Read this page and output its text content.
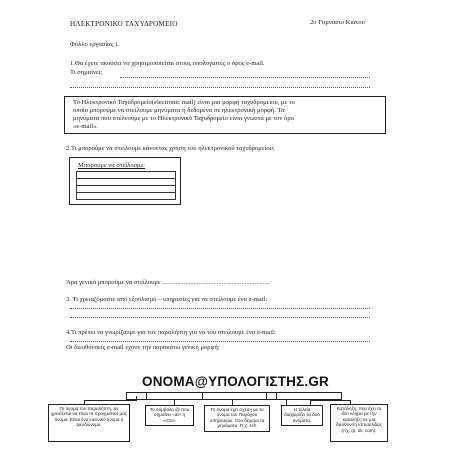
ΗΛΕΚΤΡΟΝΙΚΟ ΤΑΧΥΔΡΟΜΕΙΟ	2ο Γυμνάσιο Κιάτου
Φύλλο εργασίας 1.
1.Θα έχετε ακούσει να χρησιμοποιείται στους υπολογιστές ο όρος e-mail.
Τι σημαίνει;
Το Ηλεκτρονικό Ταχυδρομείο(electronic mail) είναι μια μορφή ταχυδρομείου, με το
οποίο μπορούμε να στείλουμε μηνύματα ή δεδομένα σε ηλεκτρονική μορφή. Τα
μηνύματα που στέλνουμε με το Ηλεκτρονικό Ταχυδρομείο είναι γνωστά με τον όρο
«e-mail».
2.Τι μπορούμε να στείλουμε κάνοντας χρήση του ηλεκτρονικού ταχυδρομείου;
Μπορούμε να στείλουμε:

Άρα γενικά μπορούμε να στείλουμε .................................................................
3. Τι χρειαζόμαστε από εξοπλισμό – υπηρεσίες για να στείλουμε ένα e-mail:
4.Τι πρέπει να γνωρίζουμε για τον παραλήπτη για να του στείλουμε ένα e-mail:
Οι διευθύνσεις e-mail έχουν την παρακάτω γενική μορφή:
ΟΝΟΜΑ@ΥΠΟΛΟΓΙΣΤΗΣ.GR
Το όνομα του παραλήπτη. Δε χρειάζεται να είναι το πραγματικό μας όνομα. Είναι ένα εικονικό όνομα ή ψευδώνυμο.
Το σύμβολο @ που σημαίνει «at» ή «στο».
Το όνομα έχει σχέση με το όνομα του Παρόχου υπηρεσιών, που δέχεται τα μηνύματα. Π.χ. sch
Η τελεία διαχωρίζει τα δύο ονόματα.
Κατάληξη, που έχει το ίδιο νόημα με την καταλήξη σε μια διεύθυνση ιστοσελίδας (πχ. gr, uk, com).
